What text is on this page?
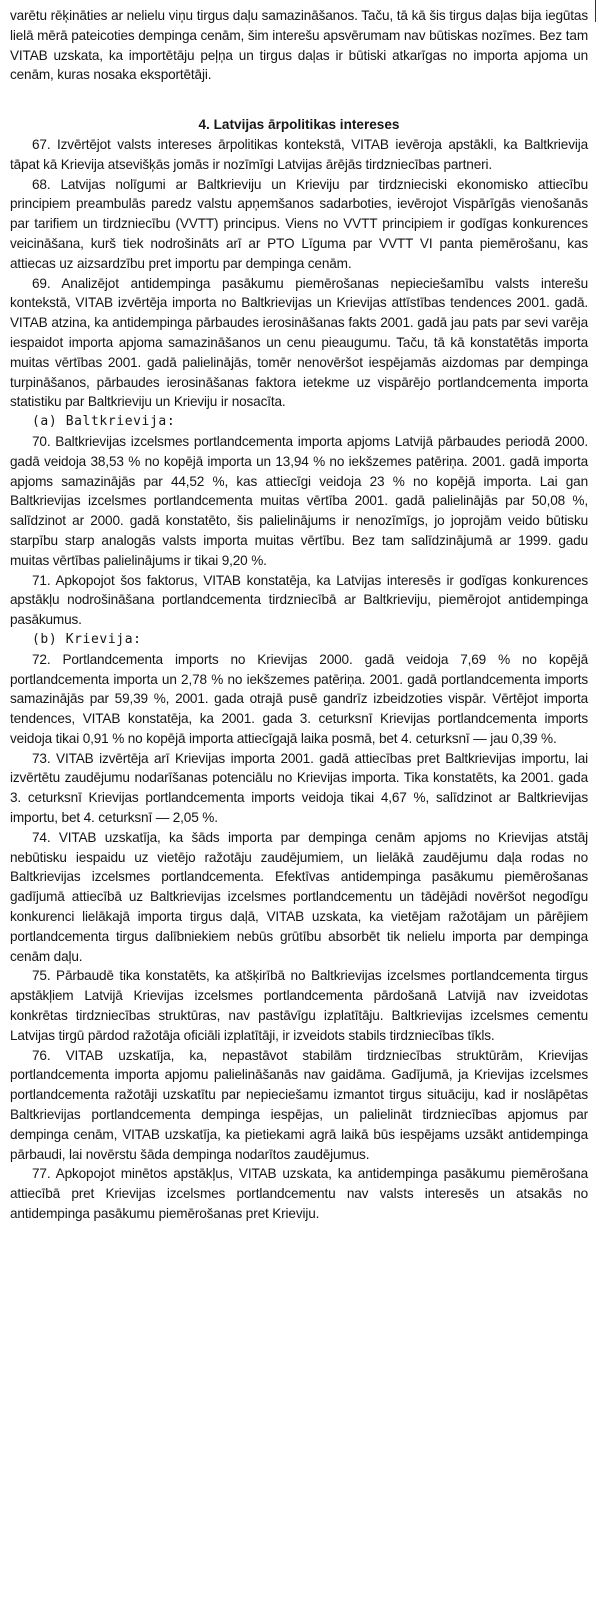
varētu rēķināties ar nelielu viņu tirgus daļu samazināšanos. Taču, tā kā šis tirgus daļas bija iegūtas lielā mērā pateicoties dempinga cenām, šim interešu apsvērumam nav būtiskas nozīmes. Bez tam VITAB uzskata, ka importētāju peļņa un tirgus daļas ir būtiski atkarīgas no importa apjoma un cenām, kuras nosaka eksportētāji.

4. Latvijas ārpolitikas intereses

67. Izvērtējot valsts intereses ārpolitikas kontekstā, VITAB ievēroja apstākli, ka Baltkrievija tāpat kā Krievija atsevišķās jomās ir nozīmīgi Latvijas ārējās tirdzniecības partneri.

68. Latvijas nolīgumi ar Baltkrieviju un Krieviju par tirdznieciski ekonomisko attiecību principiem preambulās paredz valstu apņemšanos sadarboties, ievērojot Vispārīgās vienošanās par tarifiem un tirdzniecību (VVTT) principus. Viens no VVTT principiem ir godīgas konkurences veicināšana, kurš tiek nodrošināts arī ar PTO Līguma par VVTT VI panta piemērošanu, kas attiecas uz aizsardzību pret importu par dempinga cenām.

69. Analizējot antidempinga pasākumu piemērošanas nepieciešamību valsts interešu kontekstā, VITAB izvērtēja importa no Baltkrievijas un Krievijas attīstības tendences 2001. gadā. VITAB atzina, ka antidempinga pārbaudes ierosināšanas fakts 2001. gadā jau pats par sevi varēja iespaidot importa apjoma samazināšanos un cenu pieaugumu. Taču, tā kā konstatētās importa muitas vērtības 2001. gadā palielinājās, tomēr nenovēršot iespējamās aizdomas par dempinga turpināšanos, pārbaudes ierosināšanas faktora ietekme uz vispārējo portlandcementa importa statistiku par Baltkrieviju un Krieviju ir nosacīta.

(a) Baltkrievija:

70. Baltkrievijas izcelsmes portlandcementa importa apjoms Latvijā pārbaudes periodā 2000. gadā veidoja 38,53 % no kopējā importa un 13,94 % no iekšzemes patēriņa. 2001. gadā importa apjoms samazinājās par 44,52 %, kas attiecīgi veidoja 23 % no kopējā importa. Lai gan Baltkrievijas izcelsmes portlandcementa muitas vērtība 2001. gadā palielinājās par 50,08 %, salīdzinot ar 2000. gadā konstatēto, šis palielinājums ir nenozīmīgs, jo joprojām veido būtisku starpību starp analogās valsts importa muitas vērtību. Bez tam salīdzinājumā ar 1999. gadu muitas vērtības palielinājums ir tikai 9,20 %.

71. Apkopojot šos faktorus, VITAB konstatēja, ka Latvijas interesēs ir godīgas konkurences apstākļu nodrošināšana portlandcementa tirdzniecībā ar Baltkrieviju, piemērojot antidempinga pasākumus.

(b) Krievija:

72. Portlandcementa imports no Krievijas 2000. gadā veidoja 7,69 % no kopējā portlandcementa importa un 2,78 % no iekšzemes patēriņa. 2001. gadā portlandcementa imports samazinājās par 59,39 %, 2001. gada otrajā pusē gandrīz izbeidzoties vispār. Vērtējot importa tendences, VITAB konstatēja, ka 2001. gada 3. ceturksnī Krievijas portlandcementa imports veidoja tikai 0,91 % no kopējā importa attiecīgajā laika posmā, bet 4. ceturksnī — jau 0,39 %.

73. VITAB izvērtēja arī Krievijas importa 2001. gadā attiecības pret Baltkrievijas importu, lai izvērtētu zaudējumu nodarīšanas potenciālu no Krievijas importa. Tika konstatēts, ka 2001. gada 3. ceturksnī Krievijas portlandcementa imports veidoja tikai 4,67 %, salīdzinot ar Baltkrievijas importu, bet 4. ceturksnī — 2,05 %.

74. VITAB uzskatīja, ka šāds importa par dempinga cenām apjoms no Krievijas atstāj nebūtisku iespaidu uz vietējo ražotāju zaudējumiem, un lielākā zaudējumu daļa rodas no Baltkrievijas izcelsmes portlandcementa. Efektīvas antidempinga pasākumu piemērošanas gadījumā attiecībā uz Baltkrievijas izcelsmes portlandcementu un tādējādi novēršot negodīgu konkurenci lielākajā importa tirgus daļā, VITAB uzskata, ka vietējam ražotājam un pārējiem portlandcementa tirgus dalībniekiem nebūs grūtību absorbēt tik nelielu importa par dempinga cenām daļu.

75. Pārbaudē tika konstatēts, ka atšķirībā no Baltkrievijas izcelsmes portlandcementa tirgus apstākļiem Latvijā Krievijas izcelsmes portlandcementa pārdošanā Latvijā nav izveidotas konkrētas tirdzniecības struktūras, nav pastāvīgu izplatītāju. Baltkrievijas izcelsmes cementu Latvijas tirgū pārdod ražotāja oficiāli izplatītāji, ir izveidots stabils tirdzniecības tīkls.

76. VITAB uzskatīja, ka, nepastāvot stabilām tirdzniecības struktūrām, Krievijas portlandcementa importa apjomu palielināšanās nav gaidāma. Gadījumā, ja Krievijas izcelsmes portlandcementa ražotāji uzskatītu par nepieciešamu izmantot tirgus situāciju, kad ir noslāpētas Baltkrievijas portlandcementa dempinga iespējas, un palielināt tirdzniecības apjomus par dempinga cenām, VITAB uzskatīja, ka pietiekami agrā laikā būs iespējams uzsākt antidempinga pārbaudi, lai novērstu šāda dempinga nodarītos zaudējumus.

77. Apkopojot minētos apstākļus, VITAB uzskata, ka antidempinga pasākumu piemērošana attiecībā pret Krievijas izcelsmes portlandcementu nav valsts interesēs un atsakās no antidempinga pasākumu piemērošanas pret Krieviju.
